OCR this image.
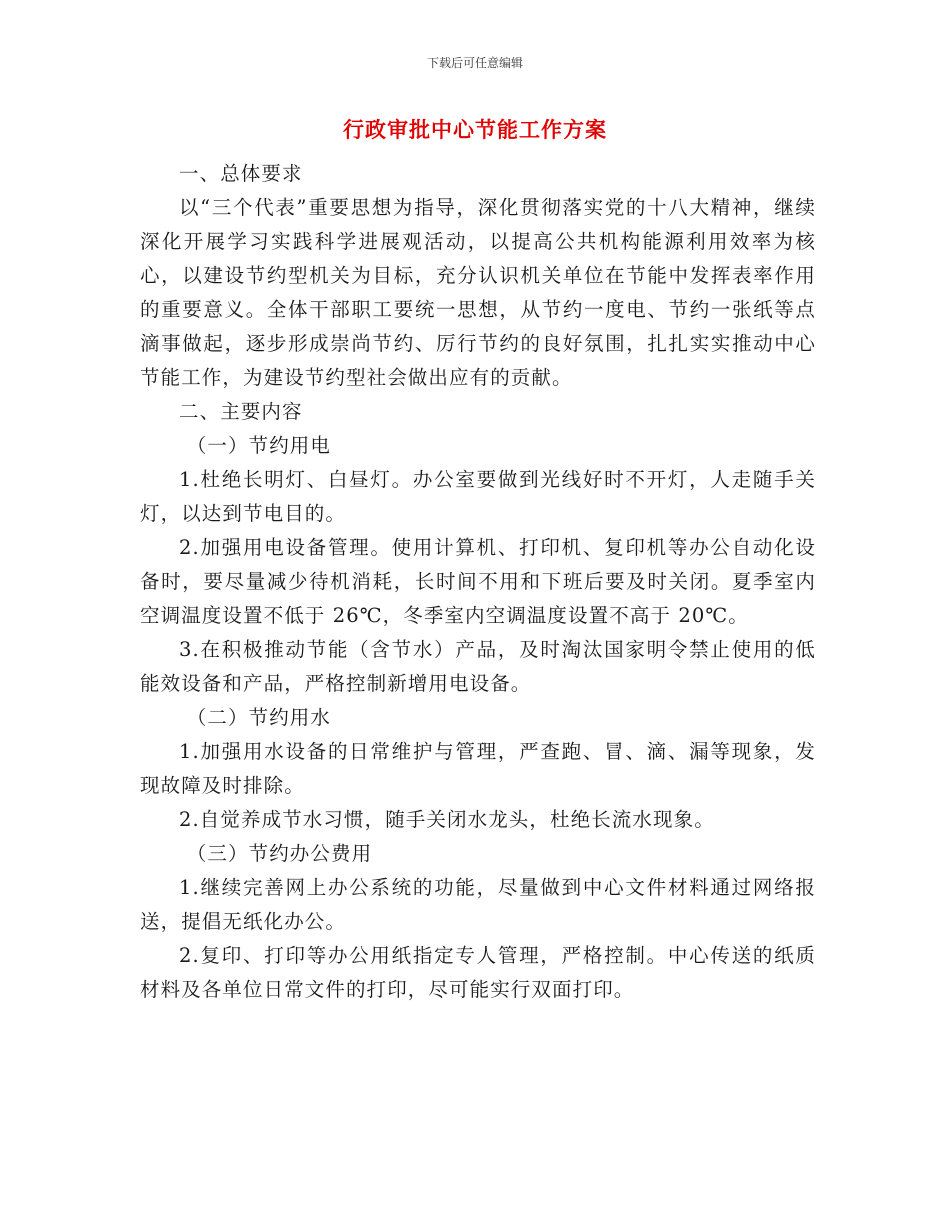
下载后可任意编辑
行政审批中心节能工作方案

一、总体要求

以“三个代表”重要思想为指导，深化贯彻落实党的十八大精神，继续深化开展学习实践科学进展观活动，以提高公共机构能源利用效率为核心，以建设节约型机关为目标，充分认识机关单位在节能中发挥表率作用的重要意义。全体干部职工要统一思想，从节约一度电、节约一张纸等点滴事做起，逐步形成崇尚节约、厉行节约的良好氛围，扎扎实实推动中心节能工作，为建设节约型社会做出应有的贡献。

二、主要内容

（一）节约用电

1.杜绝长明灯、白昼灯。办公室要做到光线好时不开灯，人走随手关灯，以达到节电目的。

2.加强用电设备管理。使用计算机、打印机、复印机等办公自动化设备时，要尽量减少待机消耗，长时间不用和下班后要及时关闭。夏季室内空调温度设置不低于 26℃，冬季室内空调温度设置不高于 20℃。

3.在积极推动节能（含节水）产品，及时淘汰国家明令禁止使用的低能效设备和产品，严格控制新增用电设备。

（二）节约用水

1.加强用水设备的日常维护与管理，严查跑、冒、滴、漏等现象，发现故障及时排除。

2.自觉养成节水习惯，随手关闭水龙头，杜绝长流水现象。

（三）节约办公费用

1.继续完善网上办公系统的功能，尽量做到中心文件材料通过网络报送，提倡无纸化办公。

2.复印、打印等办公用纸指定专人管理，严格控制。中心传送的纸质材料及各单位日常文件的打印，尽可能实行双面打印。
